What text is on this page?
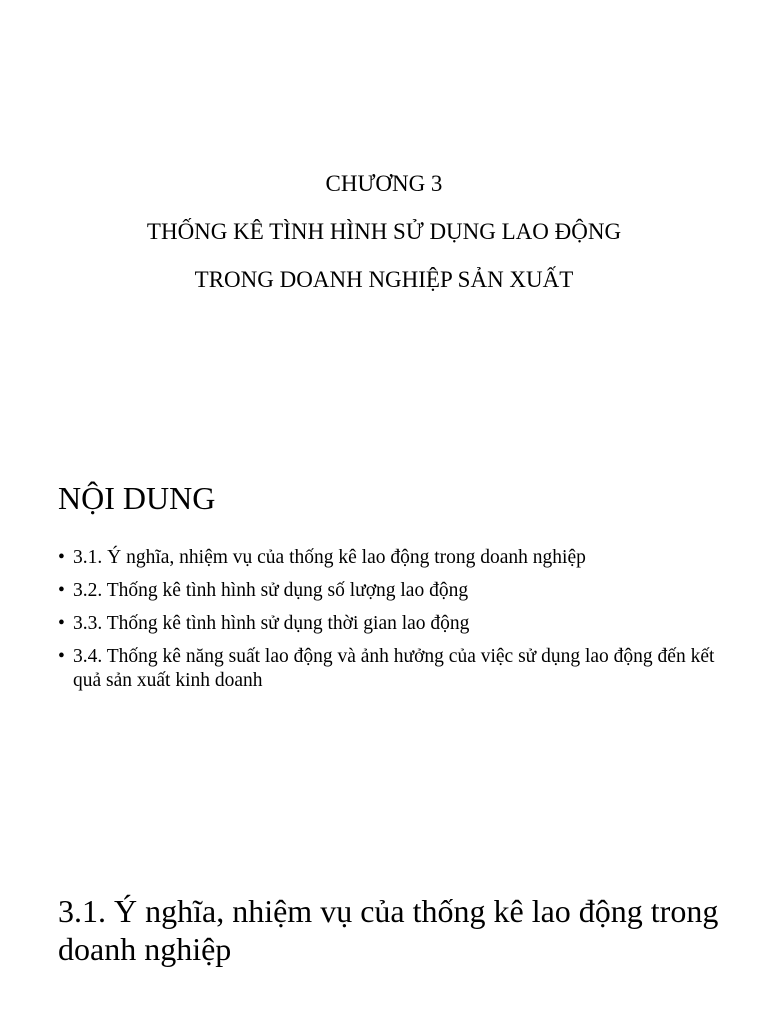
CHƯƠNG 3
THỐNG KÊ TÌNH HÌNH SỬ DỤNG LAO ĐỘNG
TRONG DOANH NGHIỆP SẢN XUẤT
NỘI DUNG
• 3.1. Ý nghĩa, nhiệm vụ của thống kê lao động trong doanh nghiệp
• 3.2. Thống kê tình hình sử dụng số lượng lao động
• 3.3. Thống kê tình hình sử dụng thời gian lao động
• 3.4. Thống kê năng suất lao động và ảnh hưởng của việc sử dụng lao động đến kết quả sản xuất kinh doanh
3.1. Ý nghĩa, nhiệm vụ của thống kê lao động trong doanh nghiệp
